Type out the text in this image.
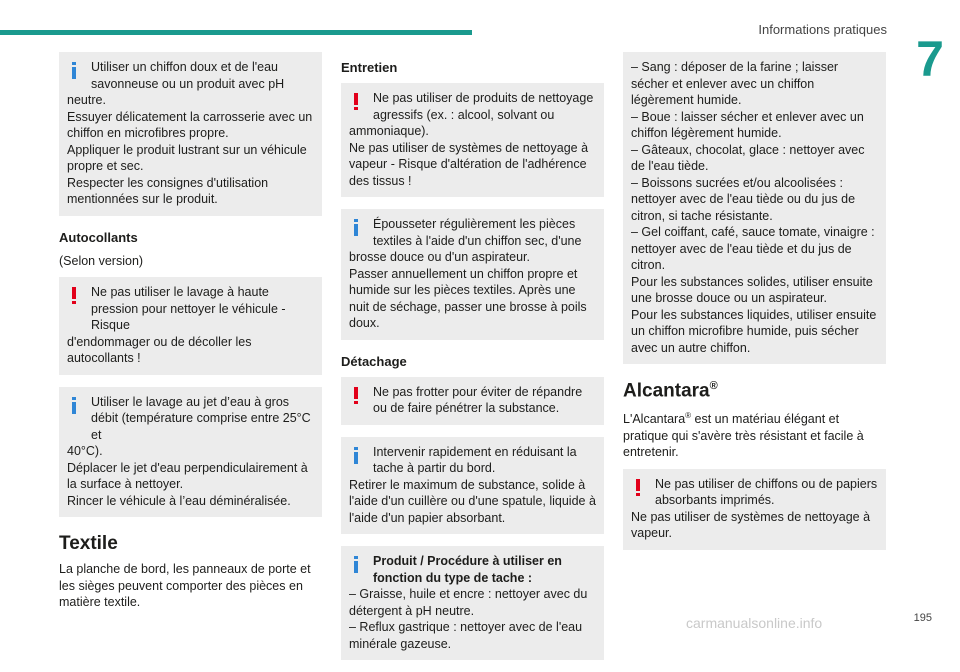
Informations pratiques
7
Utiliser un chiffon doux et de l'eau savonneuse ou un produit avec pH
neutre.
Essuyer délicatement la carrosserie avec un chiffon en microfibres propre.
Appliquer le produit lustrant sur un véhicule propre et sec.
Respecter les consignes d'utilisation mentionnées sur le produit.
Autocollants
(Selon version)
Ne pas utiliser le lavage à haute pression pour nettoyer le véhicule - Risque
d'endommager ou de décoller les autocollants !
Utiliser le lavage au jet d’eau à gros débit (température comprise entre 25°C et
40°C).
Déplacer le jet d'eau perpendiculairement à la surface à nettoyer.
Rincer le véhicule à l’eau déminéralisée.
Textile
La planche de bord, les panneaux de porte et les sièges peuvent comporter des pièces en matière textile.
Entretien
Ne pas utiliser de produits de nettoyage agressifs (ex. : alcool, solvant ou
ammoniaque).
Ne pas utiliser de systèmes de nettoyage à vapeur - Risque d'altération de l'adhérence des tissus !
Épousseter régulièrement les pièces textiles à l'aide d'un chiffon sec, d'une
brosse douce ou d'un aspirateur.
Passer annuellement un chiffon propre et humide sur les pièces textiles. Après une nuit de séchage, passer une brosse à poils doux.
Détachage
Ne pas frotter pour éviter de répandre ou de faire pénétrer la substance.
Intervenir rapidement en réduisant la tache à partir du bord.
Retirer le maximum de substance, solide à l'aide d'un cuillère ou d'une spatule, liquide à l'aide d'un papier absorbant.
Produit / Procédure à utiliser en fonction du type de tache :
– Graisse, huile et encre : nettoyer avec du détergent à pH neutre.
– Reflux gastrique : nettoyer avec de l'eau minérale gazeuse.
– Sang : déposer de la farine ; laisser sécher et enlever avec un chiffon légèrement humide.
– Boue : laisser sécher et enlever avec un chiffon légèrement humide.
– Gâteaux, chocolat, glace : nettoyer avec de l'eau tiède.
– Boissons sucrées et/ou alcoolisées : nettoyer avec de l'eau tiède ou du jus de citron, si tache résistante.
– Gel coiffant, café, sauce tomate, vinaigre : nettoyer avec de l'eau tiède et du jus de citron.
Pour les substances solides, utiliser ensuite une brosse douce ou un aspirateur.
Pour les substances liquides, utiliser ensuite un chiffon microfibre humide, puis sécher avec un autre chiffon.
Alcantara®
L'Alcantara® est un matériau élégant et pratique qui s'avère très résistant et facile à entretenir.
Ne pas utiliser de chiffons ou de papiers absorbants imprimés.
Ne pas utiliser de systèmes de nettoyage à vapeur.
195
carmanualsonline.info
